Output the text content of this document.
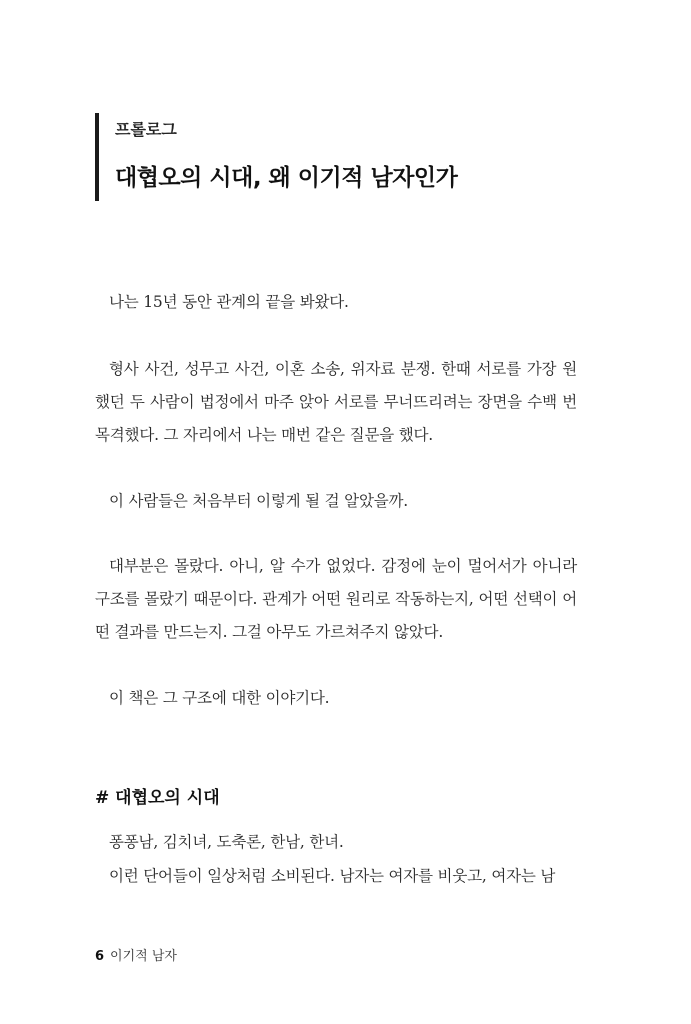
프롤로그
대협오의 시대, 왜 이기적 남자인가

나는 15년 동안 관계의 끝을 봐왔다.

형사 사건, 성무고 사건, 이혼 소송, 위자료 분쟁. 한때 서로를 가장 원했던 두 사람이 법정에서 마주 앉아 서로를 무너뜨리려는 장면을 수백 번 목격했다. 그 자리에서 나는 매번 같은 질문을 했다.

이 사람들은 처음부터 이렇게 될 걸 알았을까.

대부분은 몰랐다. 아니, 알 수가 없었다. 감정에 눈이 멀어서가 아니라 구조를 몰랐기 때문이다. 관계가 어떤 원리로 작동하는지, 어떤 선택이 어떤 결과를 만드는지. 그걸 아무도 가르쳐주지 않았다.

이 책은 그 구조에 대한 이야기다.

# 대협오의 시대

퐁퐁남, 김치녀, 도축론, 한남, 한녀.

이런 단어들이 일상처럼 소비된다. 남자는 여자를 비웃고, 여자는 남

6 이기적 남자
